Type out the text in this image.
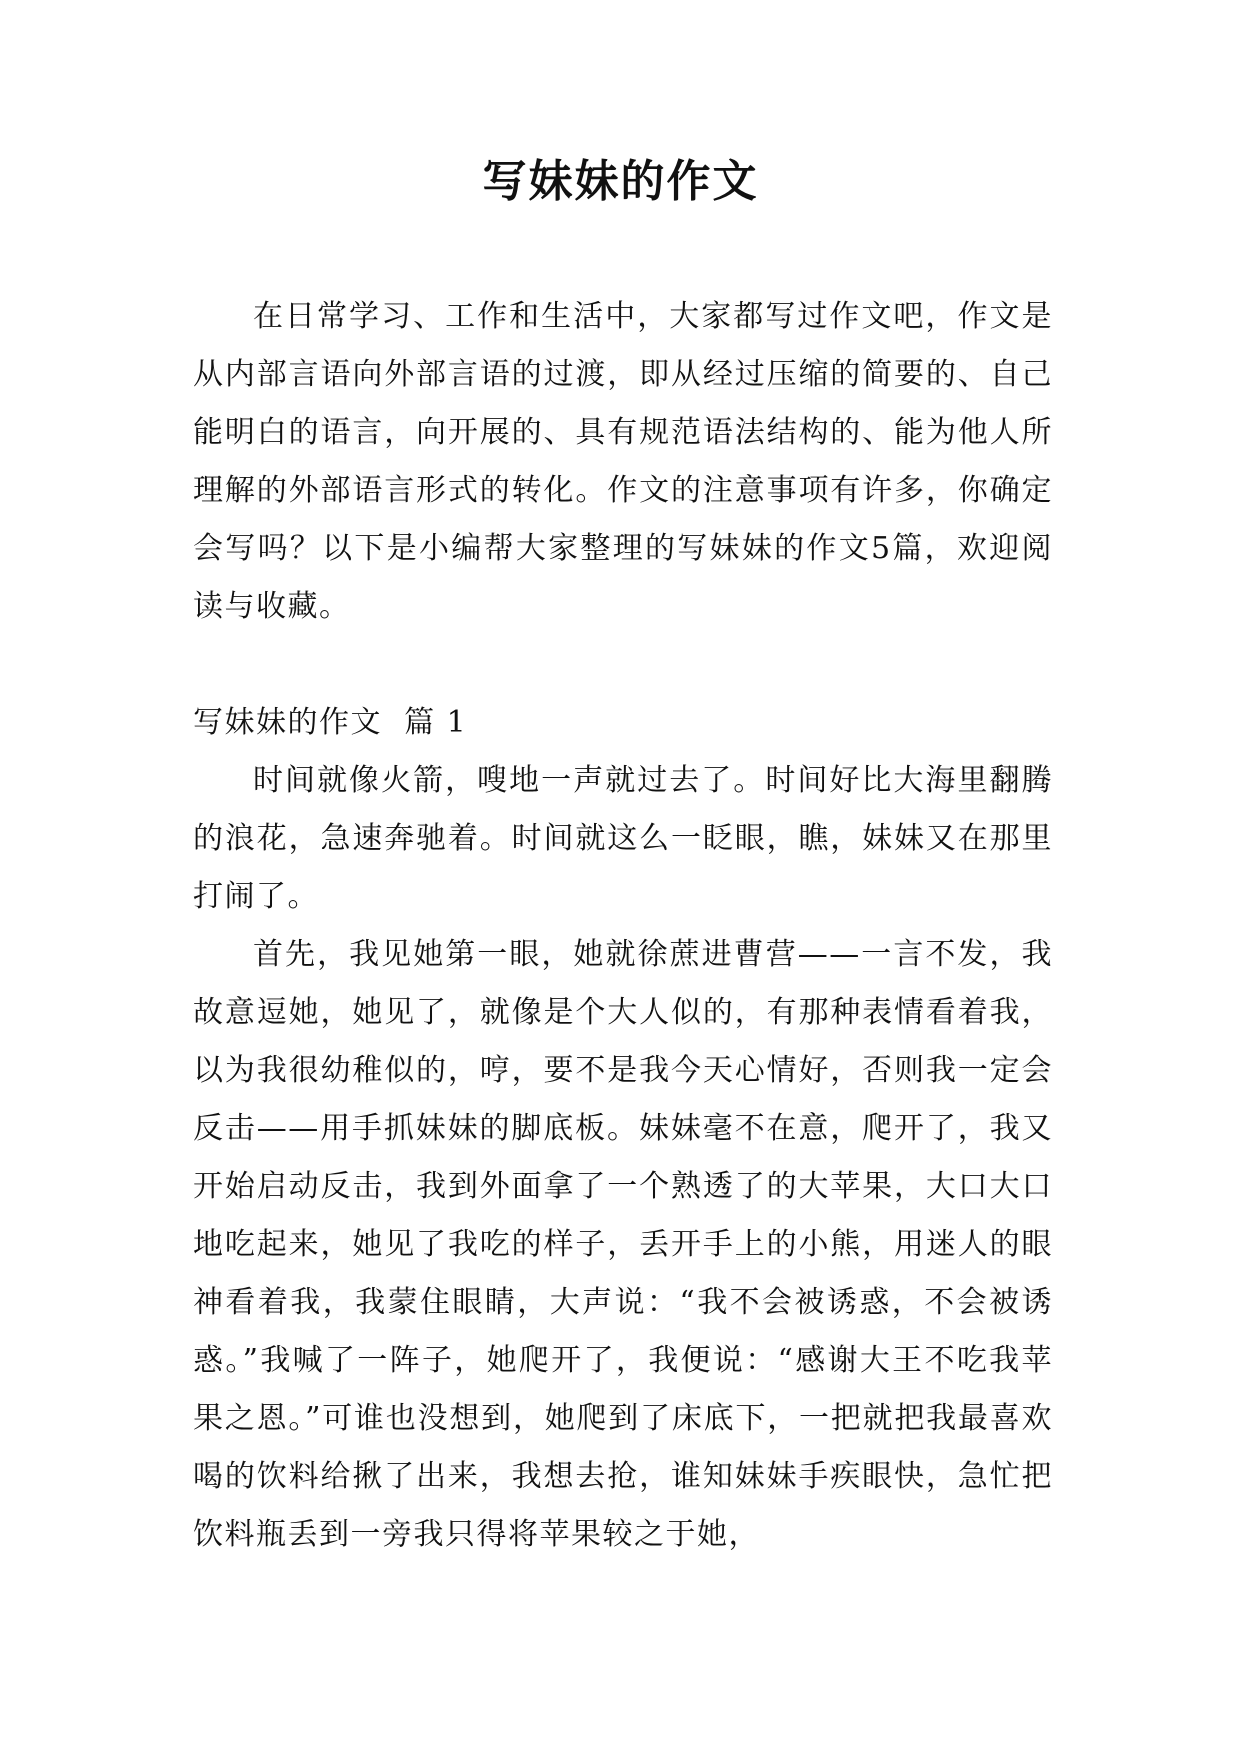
写妹妹的作文

在日常学习、工作和生活中，大家都写过作文吧，作文是从内部言语向外部言语的过渡，即从经过压缩的简要的、自己能明白的语言，向开展的、具有规范语法结构的、能为他人所理解的外部语言形式的转化。作文的注意事项有许多，你确定会写吗？以下是小编帮大家整理的写妹妹的作文5篇，欢迎阅读与收藏。

写妹妹的作文  篇 1

时间就像火箭，嗖地一声就过去了。时间好比大海里翻腾的浪花，急速奔驰着。时间就这么一眨眼，瞧，妹妹又在那里打闹了。

首先，我见她第一眼，她就徐蔗进曹营——一言不发，我故意逗她，她见了，就像是个大人似的，有那种表情看着我，以为我很幼稚似的，哼，要不是我今天心情好，否则我一定会反击——用手抓妹妹的脚底板。妹妹毫不在意，爬开了，我又开始启动反击，我到外面拿了一个熟透了的大苹果，大口大口地吃起来，她见了我吃的样子，丢开手上的小熊，用迷人的眼神看着我，我蒙住眼睛，大声说：“我不会被诱惑，不会被诱惑。”我喊了一阵子，她爬开了，我便说：“感谢大王不吃我苹果之恩。”可谁也没想到，她爬到了床底下，一把就把我最喜欢喝的饮料给揪了出来，我想去抢，谁知妹妹手疾眼快，急忙把饮料瓶丢到一旁我只得将苹果较之于她，
